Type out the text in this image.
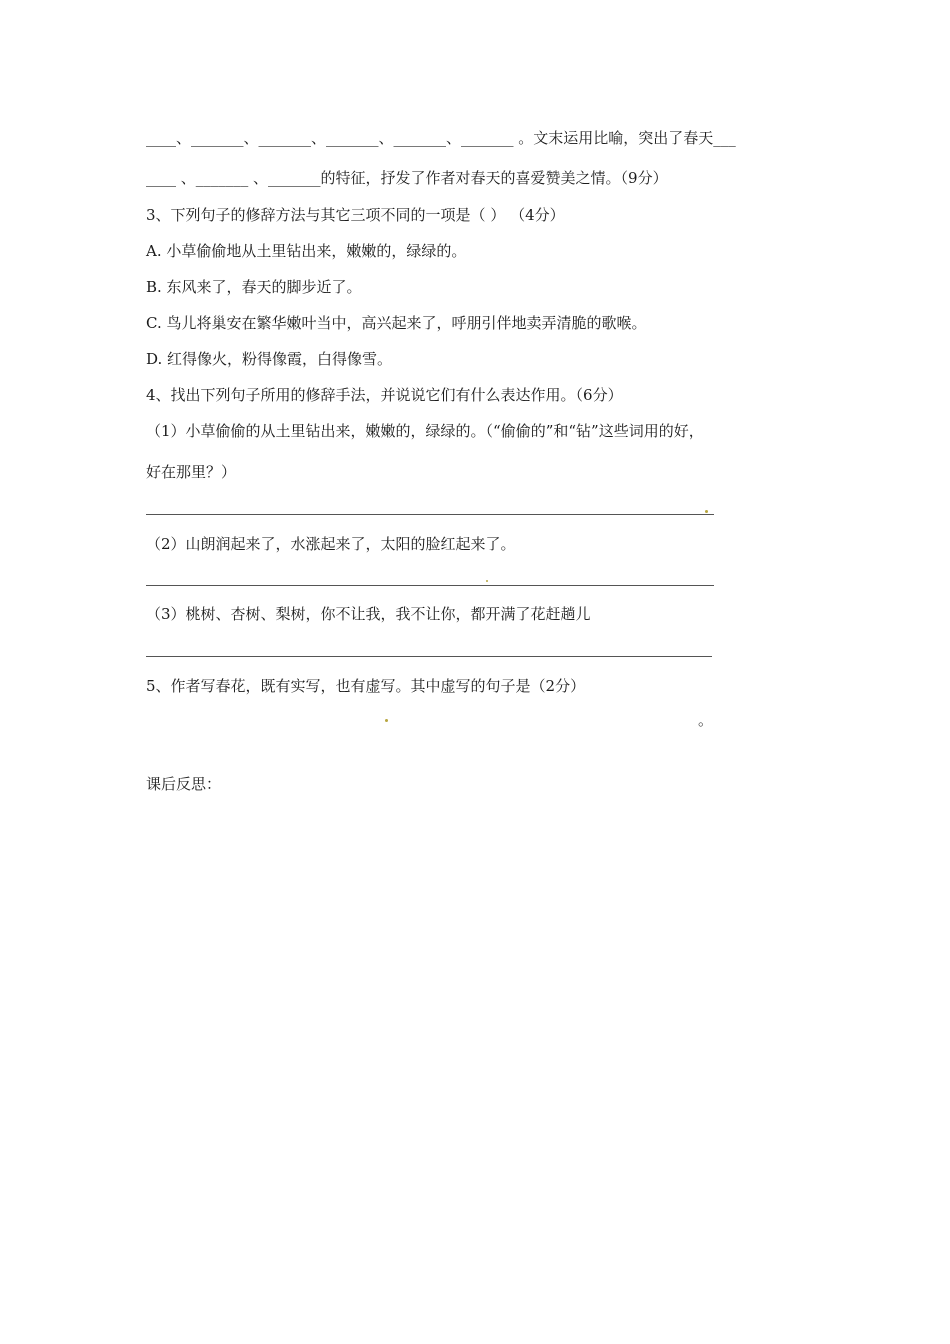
____、_______、_______、_______、_______、_______ 。文末运用比喻，突出了春天___
____ 、_______ 、_______的特征，抒发了作者对春天的喜爱赞美之情。（9分）
3、下列句子的修辞方法与其它三项不同的一项是（ ） （4分）
A. 小草偷偷地从土里钻出来，嫩嫩的，绿绿的。
B. 东风来了，春天的脚步近了。
C. 鸟儿将巢安在繁华嫩叶当中，高兴起来了，呼朋引伴地卖弄清脆的歌喉。
D. 红得像火，粉得像霞，白得像雪。
4、找出下列句子所用的修辞手法，并说说它们有什么表达作用。（6分）
（1）小草偷偷的从土里钻出来，嫩嫩的，绿绿的。（“偷偷的”和“钻”这些词用的好，
好在那里？）
（2）山朗润起来了，水涨起来了，太阳的脸红起来了。
（3）桃树、杏树、梨树，你不让我，我不让你，都开满了花赶趟儿
5、作者写春花，既有实写，也有虚写。其中虚写的句子是（2分）
。
课后反思：
